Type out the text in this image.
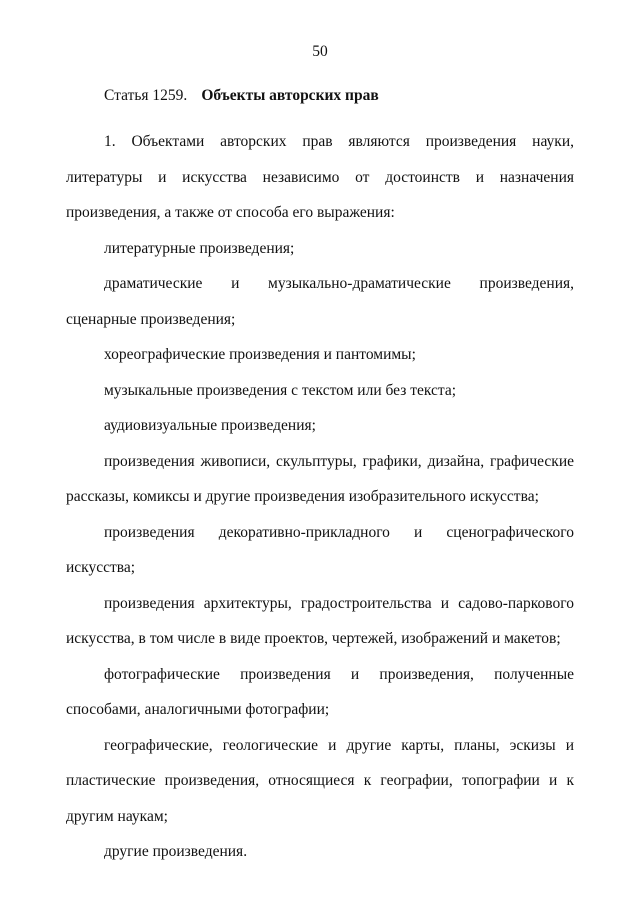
50
Статья 1259. Объекты авторских прав

1. Объектами авторских прав являются произведения науки, литературы и искусства независимо от достоинств и назначения произведения, а также от способа его выражения:

литературные произведения;

драматические и музыкально-драматические произведения, сценарные произведения;

хореографические произведения и пантомимы;

музыкальные произведения с текстом или без текста;

аудиовизуальные произведения;

произведения живописи, скульптуры, графики, дизайна, графические рассказы, комиксы и другие произведения изобразительного искусства;

произведения декоративно-прикладного и сценографического искусства;

произведения архитектуры, градостроительства и садово-паркового искусства, в том числе в виде проектов, чертежей, изображений и макетов;

фотографические произведения и произведения, полученные способами, аналогичными фотографии;

географические, геологические и другие карты, планы, эскизы и пластические произведения, относящиеся к географии, топографии и к другим наукам;

другие произведения.
